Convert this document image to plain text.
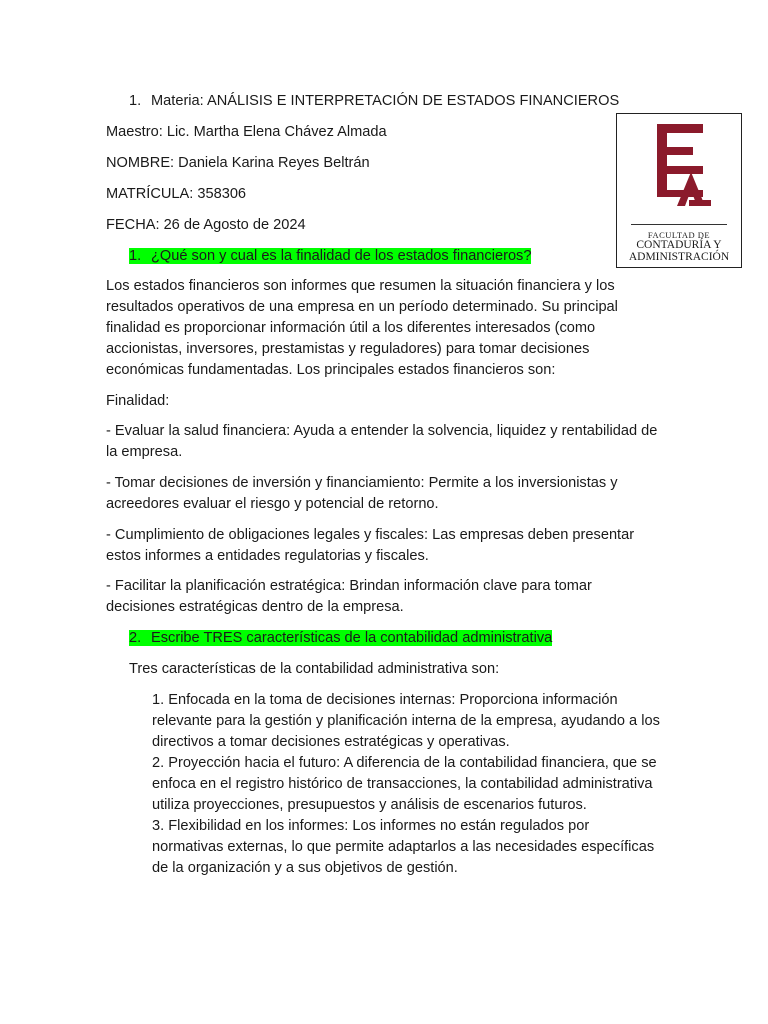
1. Materia: ANÁLISIS E INTERPRETACIÓN DE ESTADOS FINANCIEROS
Maestro: Lic. Martha Elena Chávez Almada
NOMBRE: Daniela Karina Reyes Beltrán
MATRÍCULA: 358306
FECHA: 26 de Agosto de 2024
FACULTAD DE
CONTADURÍA Y
ADMINISTRACIÓN
1. ¿Qué son y cual es la finalidad de los estados financieros?
Los estados financieros son informes que resumen la situación financiera y los resultados operativos de una empresa en un período determinado. Su principal finalidad es proporcionar información útil a los diferentes interesados (como accionistas, inversores, prestamistas y reguladores) para tomar decisiones económicas fundamentadas. Los principales estados financieros son:
Finalidad:
- Evaluar la salud financiera: Ayuda a entender la solvencia, liquidez y rentabilidad de la empresa.
- Tomar decisiones de inversión y financiamiento: Permite a los inversionistas y acreedores evaluar el riesgo y potencial de retorno.
- Cumplimiento de obligaciones legales y fiscales: Las empresas deben presentar estos informes a entidades regulatorias y fiscales.
- Facilitar la planificación estratégica: Brindan información clave para tomar decisiones estratégicas dentro de la empresa.
2. Escribe TRES características de la contabilidad administrativa
Tres características de la contabilidad administrativa son:
1. Enfocada en la toma de decisiones internas: Proporciona información relevante para la gestión y planificación interna de la empresa, ayudando a los directivos a tomar decisiones estratégicas y operativas.
2. Proyección hacia el futuro: A diferencia de la contabilidad financiera, que se enfoca en el registro histórico de transacciones, la contabilidad administrativa utiliza proyecciones, presupuestos y análisis de escenarios futuros.
3. Flexibilidad en los informes: Los informes no están regulados por normativas externas, lo que permite adaptarlos a las necesidades específicas de la organización y a sus objetivos de gestión.
